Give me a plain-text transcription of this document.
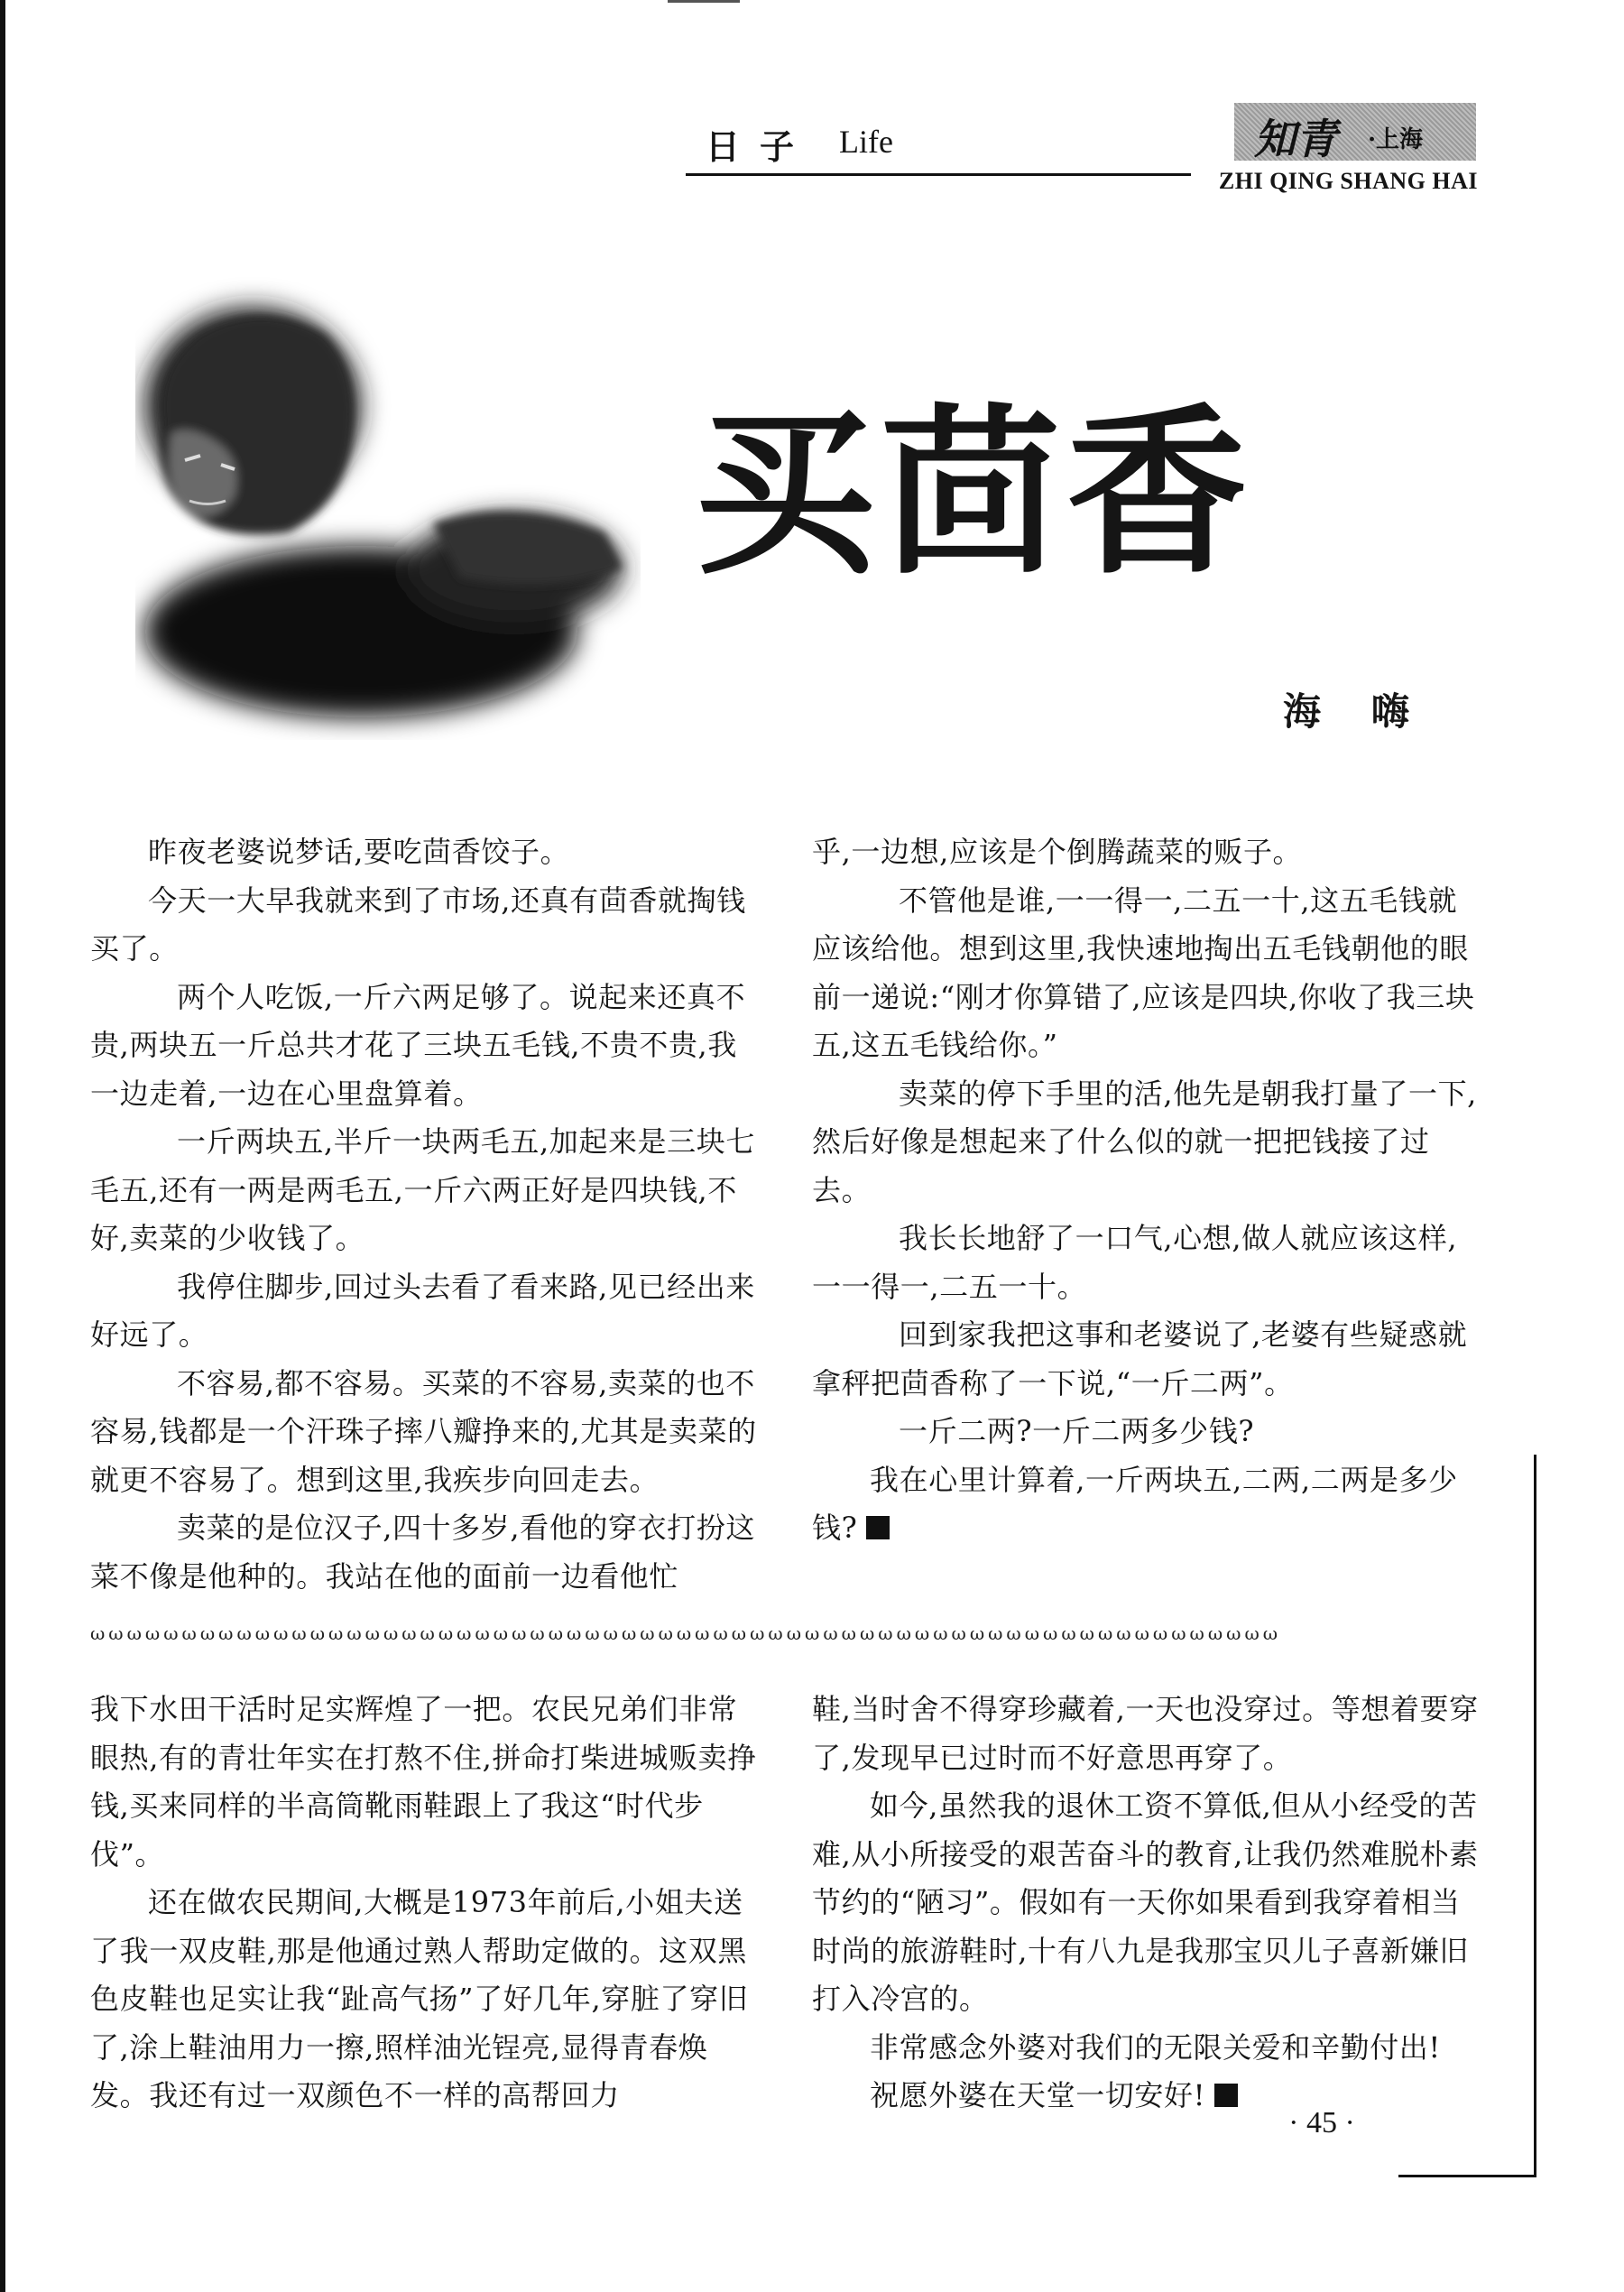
日子 Life	知青 ·上海
ZHI QING SHANG HAI
买茴香
海嗨

昨夜老婆说梦话,要吃茴香饺子。

今天一大早我就来到了市场,还真有茴香就掏钱买了。

两个人吃饭,一斤六两足够了。说起来还真不贵,两块五一斤总共才花了三块五毛钱,不贵不贵,我一边走着,一边在心里盘算着。

一斤两块五,半斤一块两毛五,加起来是三块七毛五,还有一两是两毛五,一斤六两正好是四块钱,不好,卖菜的少收钱了。

我停住脚步,回过头去看了看来路,见已经出来好远了。

不容易,都不容易。买菜的不容易,卖菜的也不容易,钱都是一个汗珠子摔八瓣挣来的,尤其是卖菜的就更不容易了。想到这里,我疾步向回走去。

卖菜的是位汉子,四十多岁,看他的穿衣打扮这菜不像是他种的。我站在他的面前一边看他忙

乎,一边想,应该是个倒腾蔬菜的贩子。

不管他是谁,一一得一,二五一十,这五毛钱就应该给他。想到这里,我快速地掏出五毛钱朝他的眼前一递说:“刚才你算错了,应该是四块,你收了我三块五,这五毛钱给你。”

卖菜的停下手里的活,他先是朝我打量了一下,然后好像是想起来了什么似的就一把把钱接了过去。

我长长地舒了一口气,心想,做人就应该这样,一一得一,二五一十。

回到家我把这事和老婆说了,老婆有些疑惑就拿秤把茴香称了一下说,“一斤二两”。

一斤二两?一斤二两多少钱?

我在心里计算着,一斤两块五,二两,二两是多少钱?

ωωωωωωωωωωωωωωωωωωωωωωωωωωωωωωωωωωωωωωωωωωωωωωωωωωωωωωωωωωωωωωωωω

我下水田干活时足实辉煌了一把。农民兄弟们非常眼热,有的青壮年实在打熬不住,拼命打柴进城贩卖挣钱,买来同样的半高筒靴雨鞋跟上了我这“时代步伐”。

还在做农民期间,大概是1973年前后,小姐夫送了我一双皮鞋,那是他通过熟人帮助定做的。这双黑色皮鞋也足实让我“趾高气扬”了好几年,穿脏了穿旧了,涂上鞋油用力一擦,照样油光锃亮,显得青春焕发。我还有过一双颜色不一样的高帮回力

鞋,当时舍不得穿珍藏着,一天也没穿过。等想着要穿了,发现早已过时而不好意思再穿了。

如今,虽然我的退休工资不算低,但从小经受的苦难,从小所接受的艰苦奋斗的教育,让我仍然难脱朴素节约的“陋习”。假如有一天你如果看到我穿着相当时尚的旅游鞋时,十有八九是我那宝贝儿子喜新嫌旧打入冷宫的。

非常感念外婆对我们的无限关爱和辛勤付出!

祝愿外婆在天堂一切安好!

· 45 ·
